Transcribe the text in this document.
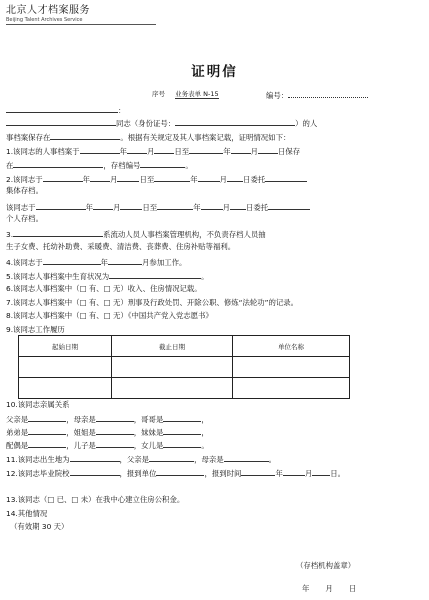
北京人才档案服务
Beijing Talent Archives Service
证明信
序号 业务表单 N-15	编号：
：
同志（身份证号：	）的人
事档案保存在	。根据有关规定及其人事档案记载，证明情况如下：
1.该同志的人事档案于	年	月	日至	年	月	日保存
在	，存档编号	。
2.该同志于	年	月	日至	年	月 日委托
集体存档。
该同志于	年	月	日至	年	月 日委托
个人存档。
3.	系流动人员人事档案管理机构，不负责存档人员抽
生子女费、托幼补助费、采暖费、清洁费、丧葬费、住房补贴等福利。
4.该同志于	年	月参加工作。
5.该同志人事档案中生育状况为	。
6.该同志人事档案中（□ 有、□ 无）收入、住房情况记载。
7.该同志人事档案中（□ 有、□ 无）刑事及行政处罚、开除公职、修炼“法轮功”的记录。
8.该同志人事档案中（□ 有、□ 无）《中国共产党入党志愿书》
9.该同志工作履历
起始日期	截止日期	单位名称

10.该同志亲属关系
父亲是	，母亲是	，哥哥是	，
弟弟是	，姐姐是	，妹妹是	，
配偶是	，儿子是	，女儿是	。
11.该同志出生地为	，父亲是	，母亲是	。
12.该同志毕业院校	，报到单位	，报到时间	年	月 日。
13.该同志（□ 已、□ 未）在我中心建立住房公积金。
14.其他情况
（有效期 30 天）
（存档机构盖章）
年 月 日
